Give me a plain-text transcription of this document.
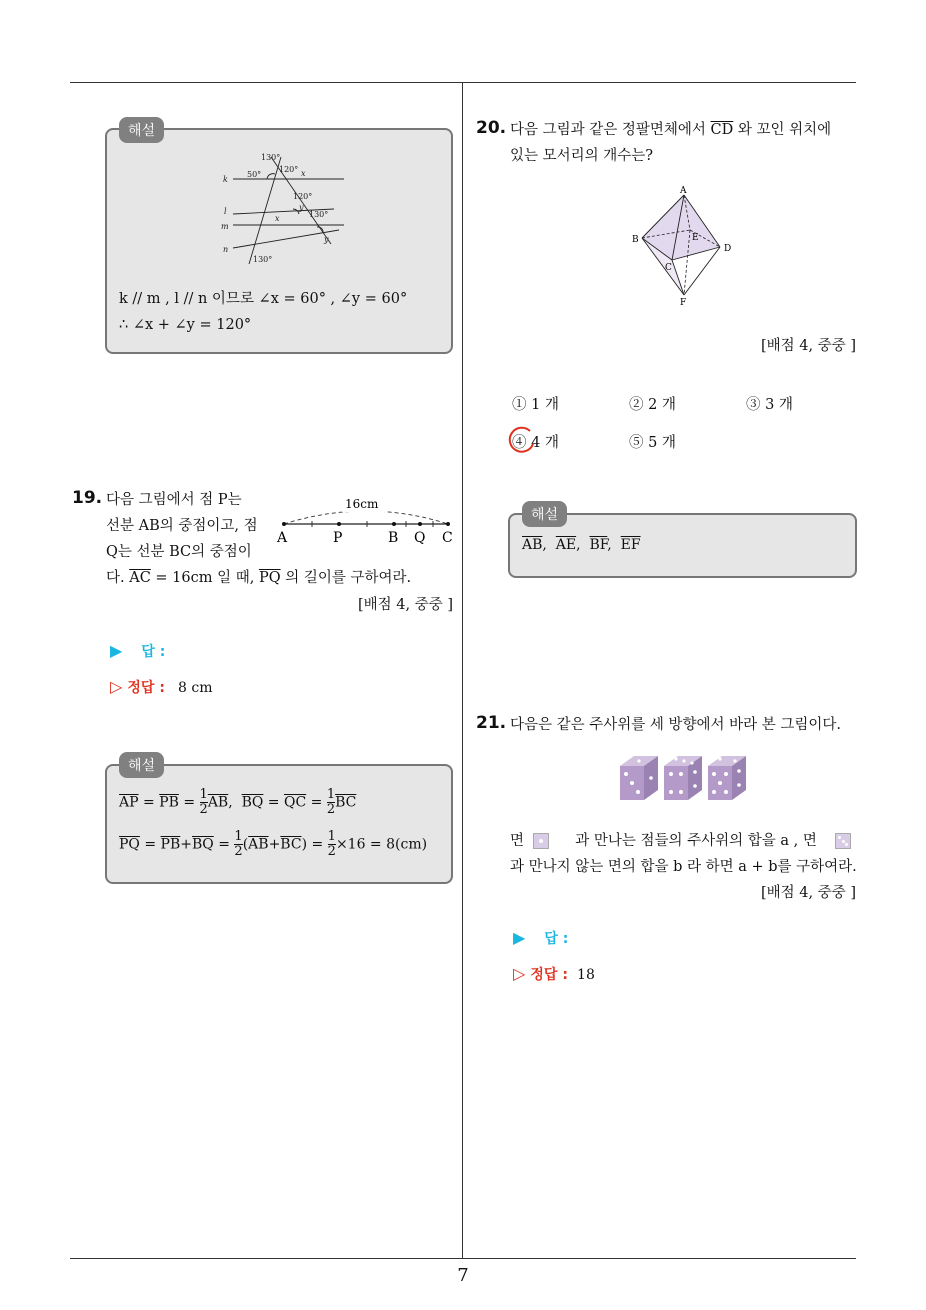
7
130°
120°
50°	x
k
120°
l	y
130°
x
m
y
n
130°
k // m , l // n 이므로 ∠x = 60° , ∠y = 60°
∴ ∠x + ∠y = 120°
해설
19. 다음 그림에서 점 P는
선분 AB의 중점이고, 점
Q는 선분 BC의 중점이
다. $\overline{AC} = 16cm$ 일 때, $\overline{PQ}$ 의 길이를 구하여라.
[배점 4, 중중 ]
16cm
A	P	B Q C
▶ 답 :
▷ 정답 : 8 cm
$\overline{AP} = \overline{PB} = \frac{1}{2} \overline{AB}$,  $\overline{BQ} = \overline{QC} = \frac{1}{2} \overline{BC}$
$\overline{PQ} = \overline{PB}+\overline{BQ} = \frac{1}{2} (\overline{AB}+\overline{BC}) = \frac{1}{2} \times 16 = 8(cm)$
해설
20. 다음 그림과 같은 정팔면체에서 $\overline{CD}$ 와 꼬인 위치에
있는 모서리의 개수는?
A
B	E
D
C
F
[배점 4, 중중 ]
① 1 개	② 2 개	③ 3 개
④ 4 개	⑤ 5 개
$\overline{AB}$,  $\overline{AE}$,  $\overline{BF}$,  $\overline{EF}$
해설
21. 다음은 같은 주사위를 세 방향에서 바라 본 그림이다.
면	과 만나는 점들의 주사위의 합을 a , 면
과 만나지 않는 면의 합을 b 라 하면 a + b를 구하여라.
[배점 4, 중중 ]
▶ 답 :
▷ 정답 : 18
